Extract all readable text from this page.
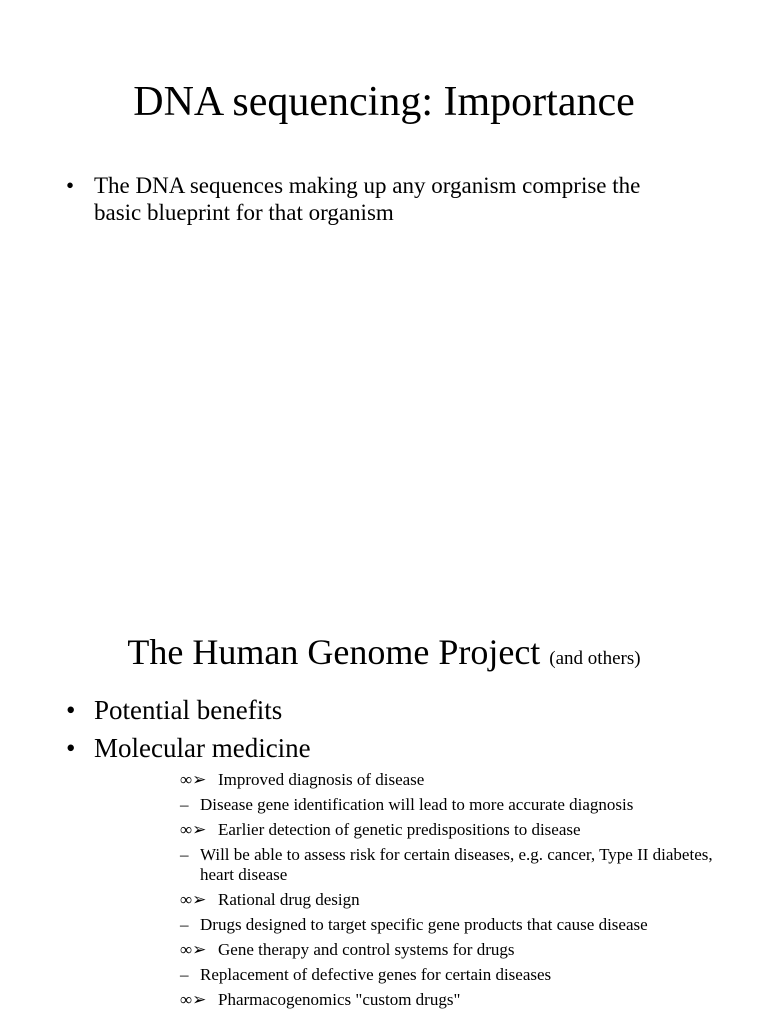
DNA sequencing: Importance
• The DNA sequences making up any organism comprise the basic blueprint for that organism
The Human Genome Project (and others)
• Potential benefits
• Molecular medicine
∞➢ Improved diagnosis of disease
– Disease gene identification will lead to more accurate diagnosis
∞➢ Earlier detection of genetic predispositions to disease
– Will be able to assess risk for certain diseases, e.g. cancer, Type II diabetes, heart disease
∞➢ Rational drug design
– Drugs designed to target specific gene products that cause disease
∞➢ Gene therapy and control systems for drugs
– Replacement of defective genes for certain diseases
∞➢ Pharmacogenomics "custom drugs"
